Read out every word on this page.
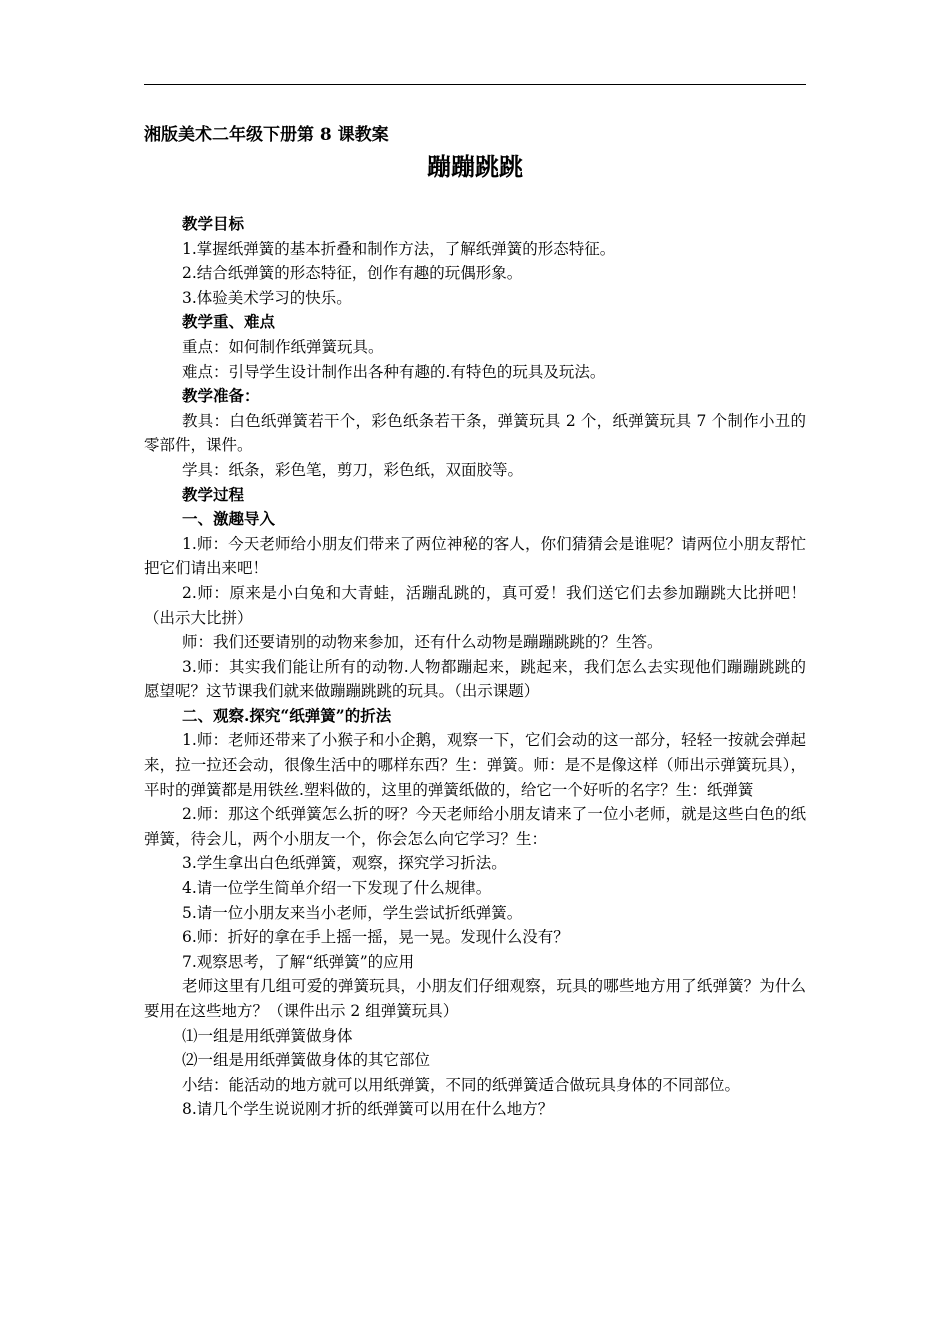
湘版美术二年级下册第 8 课教案

蹦蹦跳跳

教学目标

1.掌握纸弹簧的基本折叠和制作方法，了解纸弹簧的形态特征。

2.结合纸弹簧的形态特征，创作有趣的玩偶形象。

3.体验美术学习的快乐。

教学重、难点

重点：如何制作纸弹簧玩具。

难点：引导学生设计制作出各种有趣的.有特色的玩具及玩法。

教学准备：

教具：白色纸弹簧若干个，彩色纸条若干条，弹簧玩具 2 个，纸弹簧玩具 7 个制作小丑的零部件，课件。

学具：纸条，彩色笔，剪刀，彩色纸，双面胶等。

教学过程

一、激趣导入

1.师：今天老师给小朋友们带来了两位神秘的客人，你们猜猜会是谁呢？请两位小朋友帮忙把它们请出来吧！

2.师：原来是小白兔和大青蛙，活蹦乱跳的，真可爱！我们送它们去参加蹦跳大比拼吧！（出示大比拼）

师：我们还要请别的动物来参加，还有什么动物是蹦蹦跳跳的？生答。

3.师：其实我们能让所有的动物.人物都蹦起来，跳起来，我们怎么去实现他们蹦蹦跳跳的愿望呢？这节课我们就来做蹦蹦跳跳的玩具。（出示课题）

二、观察.探究“纸弹簧”的折法

1.师：老师还带来了小猴子和小企鹅，观察一下，它们会动的这一部分，轻轻一按就会弹起来，拉一拉还会动，很像生活中的哪样东西？生：弹簧。师：是不是像这样（师出示弹簧玩具），平时的弹簧都是用铁丝.塑料做的，这里的弹簧纸做的，给它一个好听的名字？生：纸弹簧

2.师：那这个纸弹簧怎么折的呀？今天老师给小朋友请来了一位小老师，就是这些白色的纸弹簧，待会儿，两个小朋友一个，你会怎么向它学习？生：

3.学生拿出白色纸弹簧，观察，探究学习折法。

4.请一位学生简单介绍一下发现了什么规律。

5.请一位小朋友来当小老师，学生尝试折纸弹簧。

6.师：折好的拿在手上摇一摇，晃一晃。发现什么没有？

7.观察思考，了解“纸弹簧”的应用

老师这里有几组可爱的弹簧玩具，小朋友们仔细观察，玩具的哪些地方用了纸弹簧？为什么要用在这些地方？（课件出示 2 组弹簧玩具）

⑴一组是用纸弹簧做身体

⑵一组是用纸弹簧做身体的其它部位

小结：能活动的地方就可以用纸弹簧，不同的纸弹簧适合做玩具身体的不同部位。

8.请几个学生说说刚才折的纸弹簧可以用在什么地方？
